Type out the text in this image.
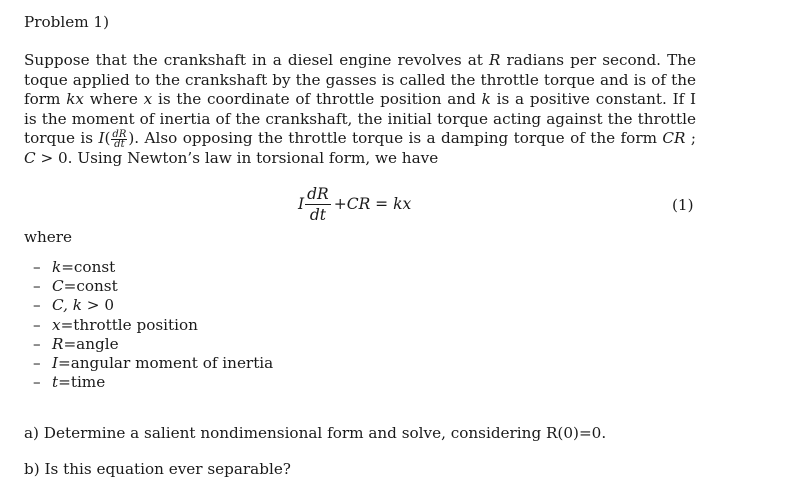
Problem 1)
Suppose that the crankshaft in a diesel engine revolves at R radians per second. The toque applied to the crankshaft by the gasses is called the throttle torque and is of the form kx where x is the coordinate of throttle position and k is a positive constant. If I is the moment of inertia of the crankshaft, the initial torque acting against the throttle torque is $I( \frac{dR}{dt}$ ). Also opposing the throttle torque is a damping torque of the form CR ; C > 0. Using Newton’s law in torsional form, we have
I $\frac{dR}{dt}$ + CR = kx	(1)
where
– k=const
– C=const
– C, k > 0
– x=throttle position
– R=angle
– I=angular moment of inertia
– t=time
a) Determine a salient nondimensional form and solve, considering R(0)=0.
b) Is this equation ever separable?
